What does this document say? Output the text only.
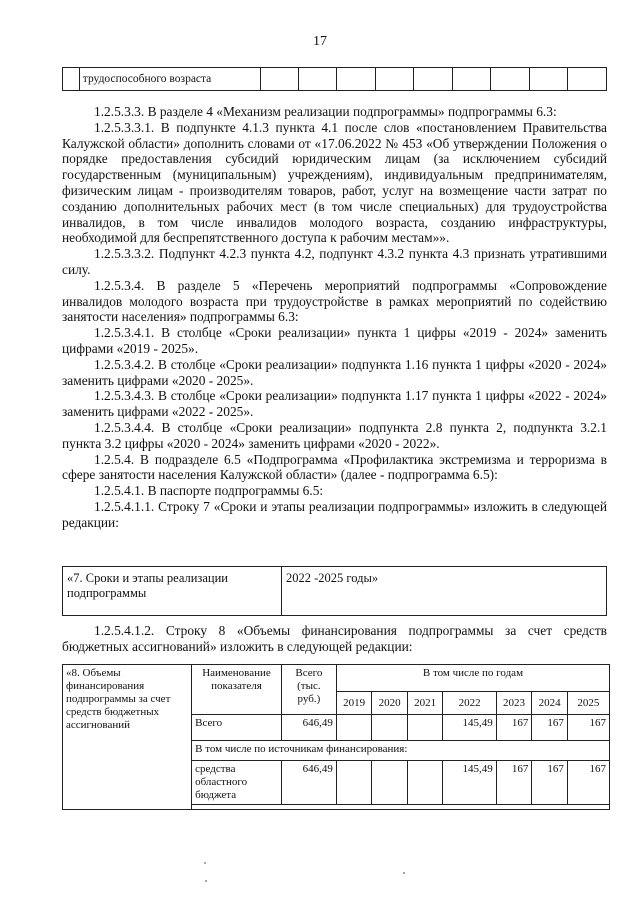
17
	трудоспособного возраста									

1.2.5.3.3. В разделе 4 «Механизм реализации подпрограммы» подпрограммы 6.3:

1.2.5.3.3.1. В подпункте 4.1.3 пункта 4.1 после слов «постановлением Правительства Калужской области» дополнить словами от «17.06.2022 № 453 «Об утверждении Положения о порядке предоставления субсидий юридическим лицам (за исключением субсидий государственным (муниципальным) учреждениям), индивидуальным предпринимателям, физическим лицам - производителям товаров, работ, услуг на возмещение части затрат по созданию дополнительных рабочих мест (в том числе специальных) для трудоустройства инвалидов, в том числе инвалидов молодого возраста, созданию инфраструктуры, необходимой для беспрепятственного доступа к рабочим местам»».

1.2.5.3.3.2. Подпункт 4.2.3 пункта 4.2, подпункт 4.3.2 пункта 4.3 признать утратившими силу.

1.2.5.3.4. В разделе 5 «Перечень мероприятий подпрограммы «Сопровождение инвалидов молодого возраста при трудоустройстве в рамках мероприятий по содействию занятости населения» подпрограммы 6.3:

1.2.5.3.4.1. В столбце «Сроки реализации» пункта 1 цифры «2019 - 2024» заменить цифрами «2019 - 2025».

1.2.5.3.4.2. В столбце «Сроки реализации» подпункта 1.16 пункта 1 цифры «2020 - 2024» заменить цифрами «2020 - 2025».

1.2.5.3.4.3. В столбце «Сроки реализации» подпункта 1.17 пункта 1 цифры «2022 - 2024» заменить цифрами «2022 - 2025».

1.2.5.3.4.4. В столбце «Сроки реализации» подпункта 2.8 пункта 2, подпункта 3.2.1 пункта 3.2 цифры «2020 - 2024» заменить цифрами «2020 - 2022».

1.2.5.4. В подразделе 6.5 «Подпрограмма «Профилактика экстремизма и терроризма в сфере занятости населения Калужской области» (далее - подпрограмма 6.5):

1.2.5.4.1. В паспорте подпрограммы 6.5:

1.2.5.4.1.1. Строку 7 «Сроки и этапы реализации подпрограммы» изложить в следующей редакции:

«7. Сроки и этапы реализации подпрограммы	2022 -2025 годы»

1.2.5.4.1.2. Строку 8 «Объемы финансирования подпрограммы за счет средств бюджетных ассигнований» изложить в следующей редакции:

«8. Объемы финансирования подпрограммы за счет средств бюджетных ассигнований	Наименование показателя	Всего (тыс. руб.)	В том числе по годам						
			2019	2020	2021	2022	2023	2024	2025
	Всего	646,49				145,49	167	167	167
	В том числе по источникам финансирования:								
	средства областного бюджета	646,49				145,49	167	167	167
